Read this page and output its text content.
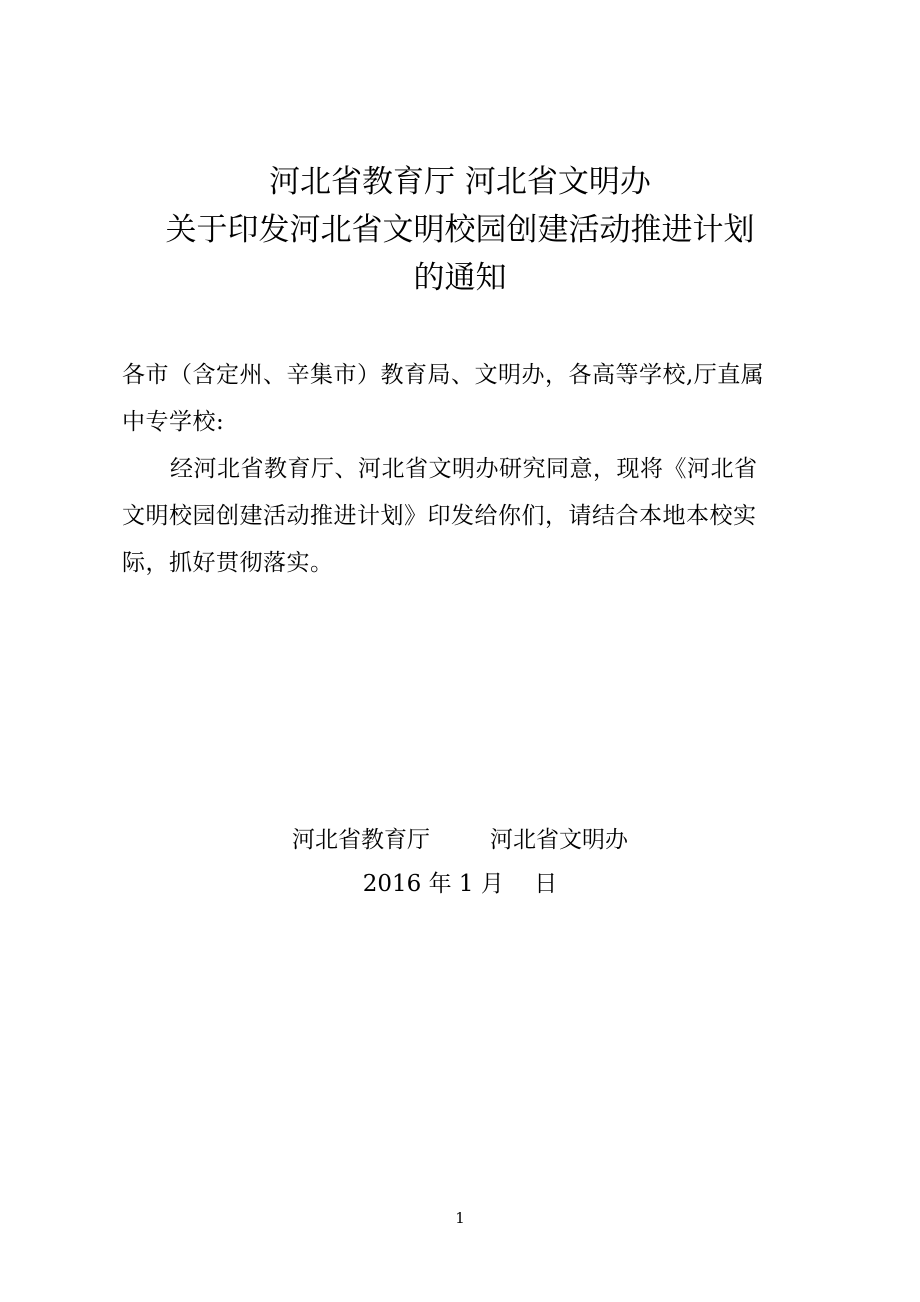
河北省教育厅 河北省文明办
关于印发河北省文明校园创建活动推进计划
的通知
各市（含定州、辛集市）教育局、文明办，各高等学校,厅直属
中专学校:
经河北省教育厅、河北省文明办研究同意，现将《河北省
文明校园创建活动推进计划》印发给你们，请结合本地本校实
际，抓好贯彻落实。
河北省教育厅	河北省文明办
2016 年 1 月　 日
1
